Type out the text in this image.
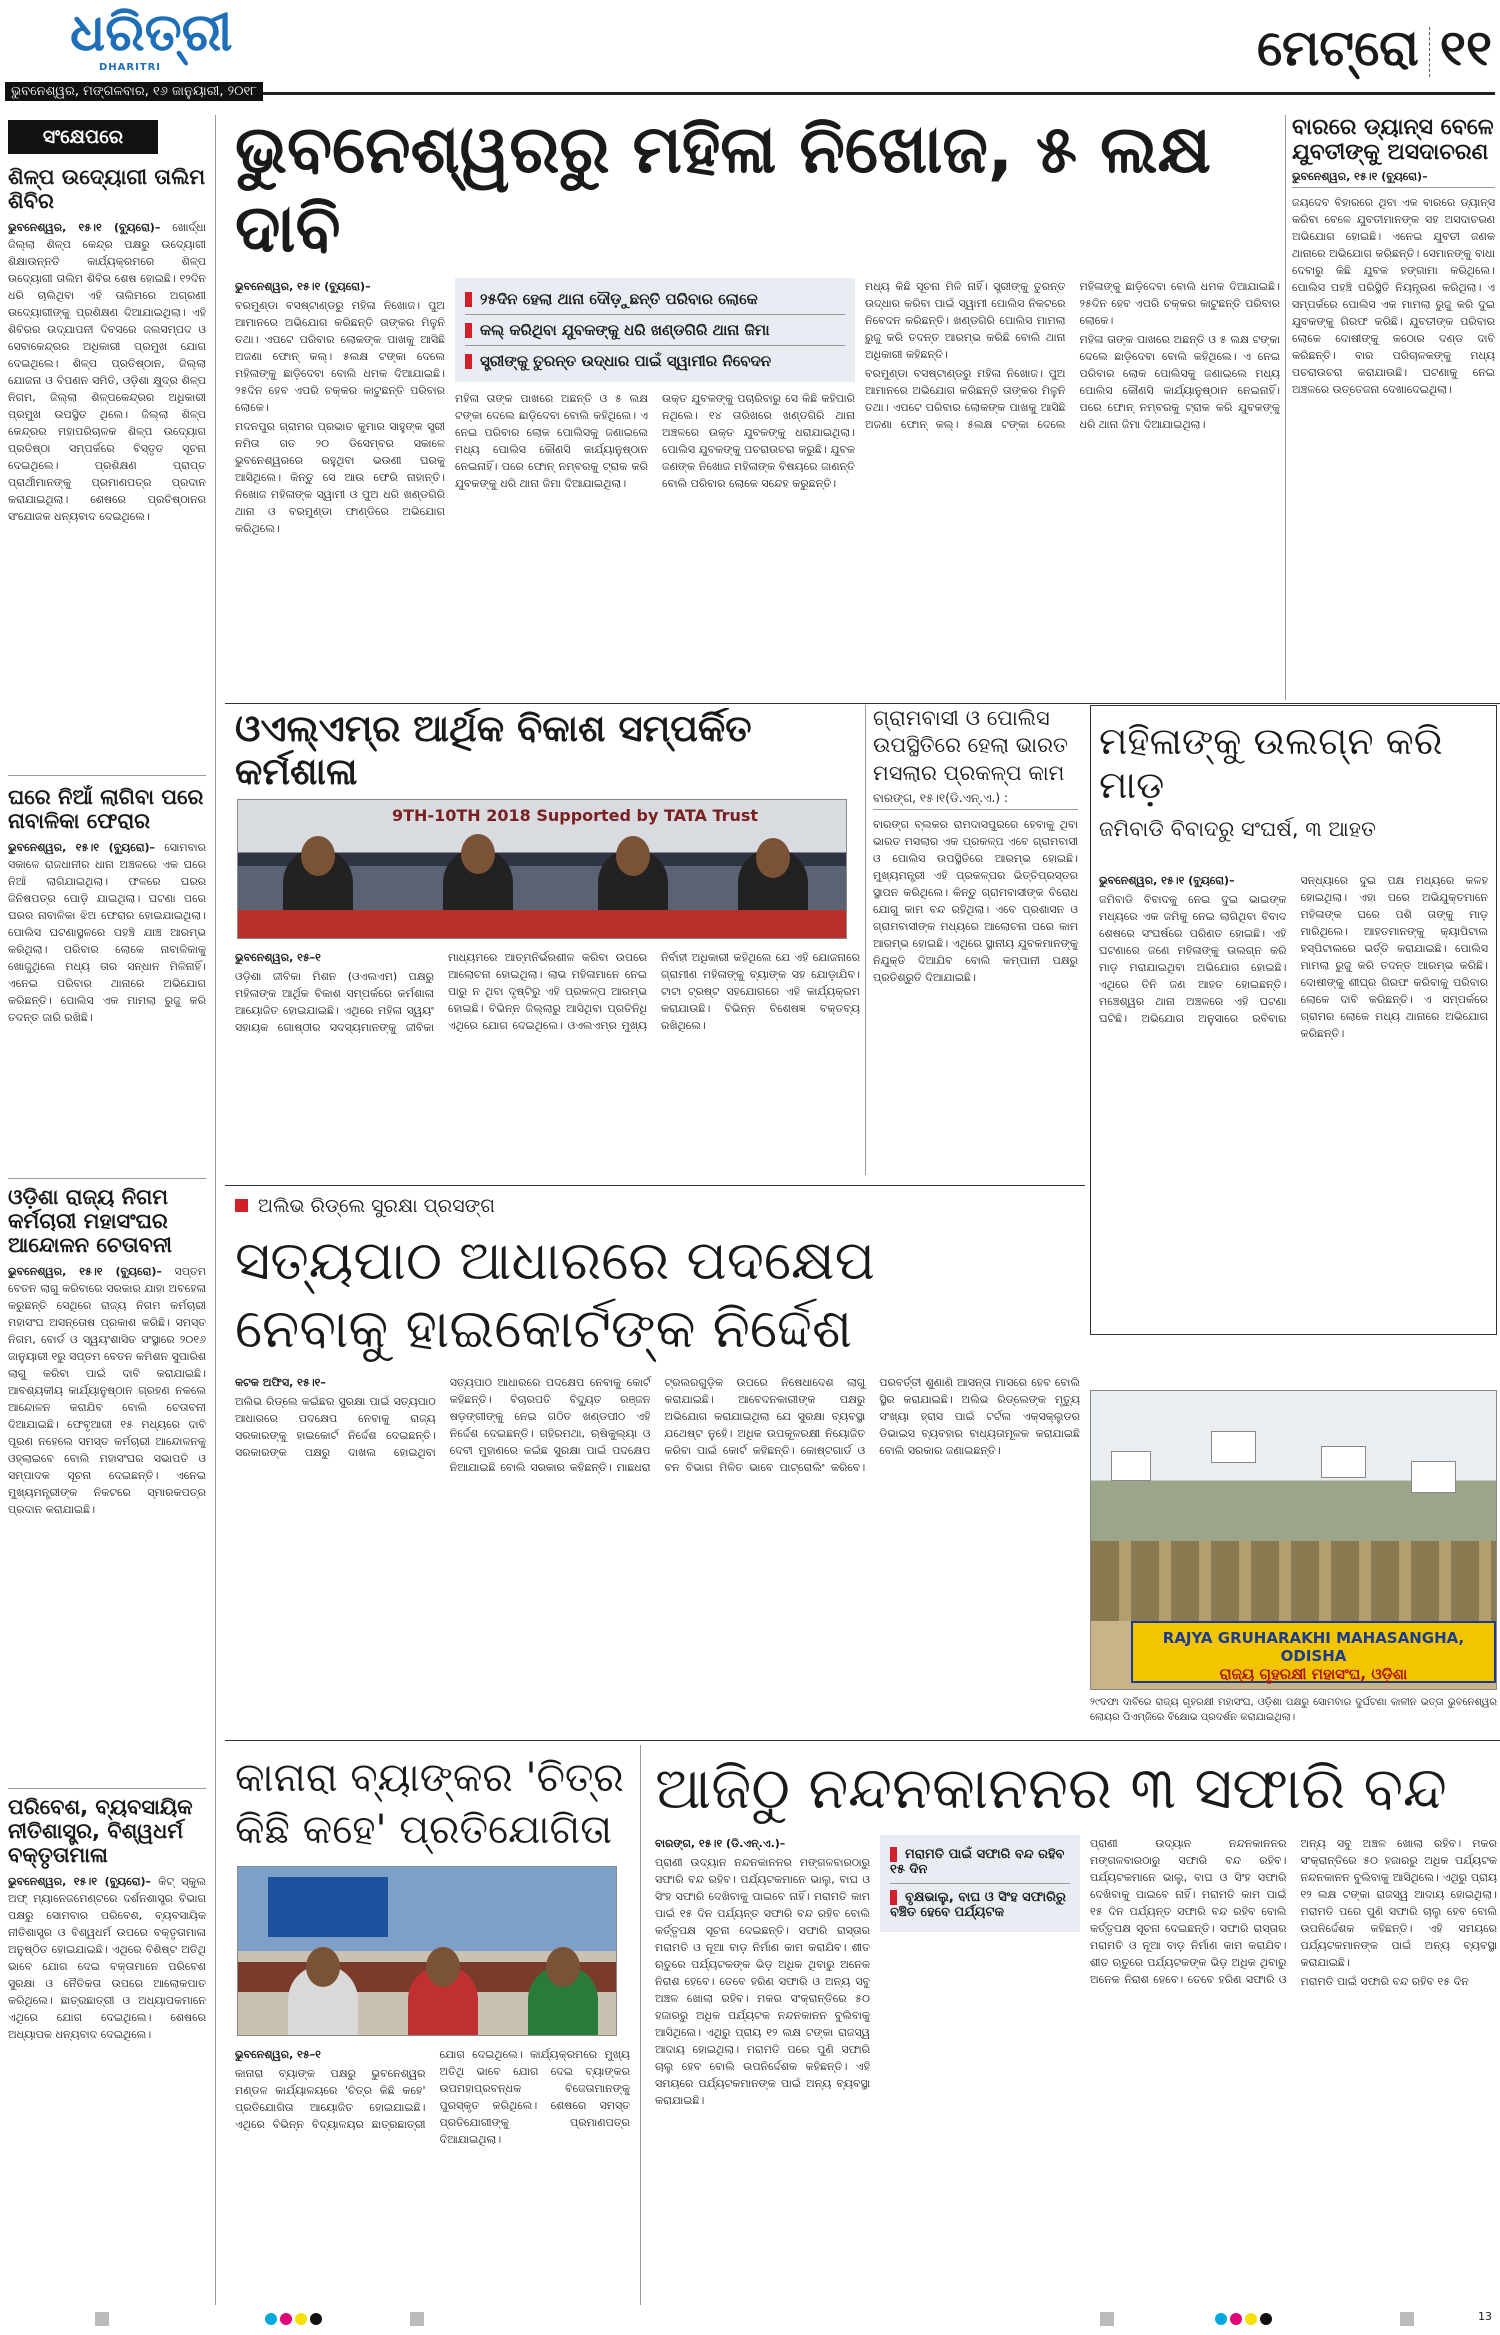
ଧରିତ୍ରୀ
DHARITRI
ଭୁବନେଶ୍ୱର, ମଙ୍ଗଳବାର, ୧୬ ଜାନୁୟାରୀ, ୨୦୧୮
ମେଟ୍ରୋ ୧୧
ସଂକ୍ଷେପରେ
ଶିଳ୍ପ ଉଦ୍ୟୋଗୀ ତାଲିମ ଶିବିର
ଭୁବନେଶ୍ୱର, ୧୫।୧ (ବ୍ୟୁରୋ)– ଖୋର୍ଦ୍ଧା ଜିଲ୍ଲା ଶିଳ୍ପ କେନ୍ଦ୍ର ପକ୍ଷରୁ ଉଦ୍ୟୋଗୀ ଶିକ୍ଷାଉନ୍ନତି କାର୍ଯ୍ୟକ୍ରମରେ ଶିଳ୍ପ ଉଦ୍ୟୋଗୀ ତାଲିମ ଶିବିର ଶେଷ ହୋଇଛି। ୧୨ଦିନ ଧରି ଚାଲିଥିବା ଏହି ତାଲିମରେ ଅଗ୍ରଣୀ ଉଦ୍ୟୋଗୀଙ୍କୁ ପ୍ରଶିକ୍ଷଣ ଦିଆଯାଇଥିଲା। ଏହି ଶିବିରର ଉଦ୍‌ଯାପନୀ ଦିବସରେ ଜଲସମ୍ପଦ ଓ ସେବାକେନ୍ଦ୍ରର ଅଧିକାରୀ ପ୍ରମୁଖ ଯୋଗ ଦେଇଥିଲେ। ଶିଳ୍ପ ପ୍ରତିଷ୍ଠାନ, ଜିଲ୍ଲା ଯୋଜନା ଓ ବିପଣନ ସମିତି, ଓଡ଼ିଶା କ୍ଷୁଦ୍ର ଶିଳ୍ପ ନିଗମ, ଜିଲ୍ଲା ଶିଳ୍ପକେନ୍ଦ୍ରର ଅଧିକାରୀ ପ୍ରମୁଖ ଉପସ୍ଥିତ ଥିଲେ। ଜିଲ୍ଲା ଶିଳ୍ପ କେନ୍ଦ୍ରର ମହାପରିଚାଳକ ଶିଳ୍ପ ଉଦ୍ୟୋଗ ପ୍ରତିଷ୍ଠା ସମ୍ପର୍କରେ ବିସ୍ତୃତ ସୂଚନା ଦେଇଥିଲେ। ପ୍ରଶିକ୍ଷଣ ପ୍ରାପ୍ତ ପ୍ରାର୍ଥୀମାନଙ୍କୁ ପ୍ରମାଣପତ୍ର ପ୍ରଦାନ କରାଯାଇଥିଲା। ଶେଷରେ ପ୍ରତିଷ୍ଠାନର ସଂଯୋଜକ ଧନ୍ୟବାଦ ଦେଇଥିଲେ।
ଘରେ ନିଆଁ ଲାଗିବା ପରେ ନାବାଳିକା ଫେରାର
ଭୁବନେଶ୍ୱର, ୧୫।୧ (ବ୍ୟୁରୋ)– ସୋମବାର ସକାଳେ ରାଜଧାନୀର ଧାନା ଅଞ୍ଚଳରେ ଏକ ଘରେ ନିଆଁ ଲାଗିଯାଇଥିଲା। ଫଳରେ ଘରର ଜିନିଷପତ୍ର ପୋଡ଼ି ଯାଇଥିଲା। ଘଟଣା ପରେ ଘରର ନାବାଳିକା ଝିଅ ଫେରାର ହୋଇଯାଇଥିଲା। ପୋଲିସ ଘଟଣାସ୍ଥଳରେ ପହଞ୍ଚି ଯାଞ୍ଚ ଆରମ୍ଭ କରିଥିଲା। ପରିବାର ଲୋକେ ନାବାଳିକାକୁ ଖୋଜୁଥିଲେ ମଧ୍ୟ ତାର ସନ୍ଧାନ ମିଳିନାହିଁ। ଏନେଇ ପରିବାର ଥାନାରେ ଅଭିଯୋଗ କରିଛନ୍ତି। ପୋଲିସ ଏକ ମାମଲା ରୁଜୁ କରି ତଦନ୍ତ ଜାରି ରଖିଛି।
ଓଡ଼ିଶା ରାଜ୍ୟ ନିଗମ କର୍ମଚାରୀ ମହାସଂଘର ଆନ୍ଦୋଳନ ଚେତାବନୀ
ଭୁବନେଶ୍ୱର, ୧୫।୧ (ବ୍ୟୁରୋ)– ସପ୍ତମ ବେତନ ଲାଗୁ କରିବାରେ ସରକାର ଯାହା ଅବହେଳା କରୁଛନ୍ତି ସେଥିରେ ରାଜ୍ୟ ନିଗମ କର୍ମଚାରୀ ମହାସଂଘ ଅସନ୍ତୋଷ ପ୍ରକାଶ କରିଛି। ସମସ୍ତ ନିଗମ, ବୋର୍ଡ ଓ ସ୍ୱୟଂଶାସିତ ସଂସ୍ଥାରେ ୨୦୧୬ ଜାନୁୟାରୀ ୧ରୁ ସପ୍ତମ ବେତନ କମିଶନ ସୁପାରିଶ ଲାଗୁ କରିବା ପାଇଁ ଦାବି କରାଯାଇଛି। ଆବଶ୍ୟକୀୟ କାର୍ଯ୍ୟାନୁଷ୍ଠାନ ଗ୍ରହଣ ନକଲେ ଆନ୍ଦୋଳନ କରାଯିବ ବୋଲି ଚେତାବନୀ ଦିଆଯାଇଛି। ଫେବୃଆରୀ ୧୫ ମଧ୍ୟରେ ଦାବି ପୂରଣ ନହେଲେ ସମସ୍ତ କର୍ମଚାରୀ ଆନ୍ଦୋଳନକୁ ଓହ୍ଲାଇବେ ବୋଲି ମହାସଂଘର ସଭାପତି ଓ ସମ୍ପାଦକ ସୂଚନା ଦେଇଛନ୍ତି। ଏନେଇ ମୁଖ୍ୟମନ୍ତ୍ରୀଙ୍କ ନିକଟରେ ସ୍ମାରକପତ୍ର ପ୍ରଦାନ କରାଯାଇଛି।
ପରିବେଶ, ବ୍ୟବସାୟିକ ନୀତିଶାସ୍ତ୍ର, ବିଶ୍ୱଧର୍ମ ବକ୍ତୃତାମାଳା
ଭୁବନେଶ୍ୱର, ୧୫।୧ (ବ୍ୟୁରୋ)– କିଟ୍ ସ୍କୁଲ ଅଫ୍ ମ୍ୟାନେଜମେଣ୍ଟରେ ଦର୍ଶନଶାସ୍ତ୍ର ବିଭାଗ ପକ୍ଷରୁ ସୋମବାର ପରିବେଶ, ବ୍ୟବସାୟିକ ନୀତିଶାସ୍ତ୍ର ଓ ବିଶ୍ୱଧର୍ମ ଉପରେ ବକ୍ତୃତାମାଳା ଅନୁଷ୍ଠିତ ହୋଇଯାଇଛି। ଏଥିରେ ବିଶିଷ୍ଟ ଅତିଥି ଭାବେ ଯୋଗ ଦେଇ ବକ୍ତାମାନେ ପରିବେଶ ସୁରକ୍ଷା ଓ ନୈତିକତା ଉପରେ ଆଲୋକପାତ କରିଥିଲେ। ଛାତ୍ରଛାତ୍ରୀ ଓ ଅଧ୍ୟାପକମାନେ ଏଥିରେ ଯୋଗ ଦେଇଥିଲେ। ଶେଷରେ ଅଧ୍ୟାପକ ଧନ୍ୟବାଦ ଦେଇଥିଲେ।
ଭୁବନେଶ୍ୱରରୁ ମହିଳା ନିଖୋଜ, ୫ ଲକ୍ଷ ଦାବି

ଭୁବନେଶ୍ୱର, ୧୫।୧ (ବ୍ୟୁରୋ)–

ବରମୁଣ୍ଡା ବସଷ୍ଟାଣ୍ଡରୁ ମହିଳା ନିଖୋଜ। ପୁଅ ଆମାନରେ ଅଭିଯୋଗ କରିଛନ୍ତି ତାଙ୍କର ମିଳୁନି ତଥା। ଏପଟେ ପରିବାର ଲୋକଙ୍କ ପାଖକୁ ଆସିଛି ଅଜଣା ଫୋନ୍ କଲ୍। ୫ଲକ୍ଷ ଟଙ୍କା ଦେଲେ ମହିଳାଙ୍କୁ ଛାଡ଼ିଦେବା ବୋଲି ଧମକ ଦିଆଯାଇଛି। ୨୫ଦିନ ହେବ ଏପରି ଚକ୍କର କାଟୁଛନ୍ତି ପରିବାର ଲୋକେ।

ମଦନପୁର ଗ୍ରାମର ପ୍ରଭାତ କୁମାର ସାହୁଙ୍କ ସ୍ତ୍ରୀ ନମିତା ଗତ ୨୦ ଡିସେମ୍ବର ସକାଳେ ଭୁବନେଶ୍ୱରରେ ରହୁଥିବା ଭଉଣୀ ଘରକୁ ଆସିଥିଲେ। କିନ୍ତୁ ସେ ଆଉ ଫେରି ନାହାନ୍ତି। ନିଖୋଜ ମହିଳାଙ୍କ ସ୍ୱାମୀ ଓ ପୁଅ ଧରି ଖଣ୍ଡଗିରି ଥାନା ଓ ବରମୁଣ୍ଡା ଫାଣ୍ଡିରେ ଅଭିଯୋଗ କରିଥିଲେ।

୨୫ଦିନ ହେଲା ଥାନା ଦୌଡ଼ୁଛନ୍ତି ପରିବାର ଲୋକେ
କଲ୍ କରିଥିବା ଯୁବକଙ୍କୁ ଧରି ଖଣ୍ଡଗିରି ଥାନା ଜିମା
ସ୍ତ୍ରୀଙ୍କୁ ତୁରନ୍ତ ଉଦ୍ଧାର ପାଇଁ ସ୍ୱାମୀର ନିବେଦନ

ମହିଳା ତାଙ୍କ ପାଖରେ ଅଛନ୍ତି ଓ ୫ ଲକ୍ଷ ଟଙ୍କା ଦେଲେ ଛାଡ଼ିଦେବା ବୋଲି କହିଥିଲେ। ଏ ନେଇ ପରିବାର ଲୋକ ପୋଲିସକୁ ଜଣାଇଲେ ମଧ୍ୟ ପୋଲିସ କୌଣସି କାର୍ଯ୍ୟାନୁଷ୍ଠାନ ନେଇନାହିଁ। ପରେ ଫୋନ୍ ନମ୍ବରକୁ ଟ୍ରାକ କରି ଯୁବକଙ୍କୁ ଧରି ଥାନା ଜିମା ଦିଆଯାଇଥିଲା।

ଉକ୍ତ ଯୁବକଙ୍କୁ ପଚାରିବାରୁ ସେ କିଛି କହିପାରି ନଥିଲେ। ୧୪ ତାରିଖରେ ଖଣ୍ଡଗିରି ଥାନା ଅଞ୍ଚଳରେ ଉକ୍ତ ଯୁବକଙ୍କୁ ଧରାଯାଇଥିଲା। ପୋଲିସ ଯୁବକଙ୍କୁ ପଚରାଉଚରା କରୁଛି। ଯୁବକ ଜଣଙ୍କ ନିଖୋଜ ମହିଳାଙ୍କ ବିଷୟରେ ଜାଣନ୍ତି ବୋଲି ପରିବାର ଲୋକେ ସନ୍ଦେହ କରୁଛନ୍ତି।

ମଧ୍ୟ କିଛି ସୂଚନା ମିଳି ନାହିଁ। ସ୍ତ୍ରୀଙ୍କୁ ତୁରନ୍ତ ଉଦ୍ଧାର କରିବା ପାଇଁ ସ୍ୱାମୀ ପୋଲିସ ନିକଟରେ ନିବେଦନ କରିଛନ୍ତି। ଖଣ୍ଡଗିରି ପୋଲିସ ମାମଲା ରୁଜୁ କରି ତଦନ୍ତ ଆରମ୍ଭ କରିଛି ବୋଲି ଥାନା ଅଧିକାରୀ କହିଛନ୍ତି।

ବରମୁଣ୍ଡା ବସଷ୍ଟାଣ୍ଡରୁ ମହିଳା ନିଖୋଜ। ପୁଅ ଆମାନରେ ଅଭିଯୋଗ କରିଛନ୍ତି ତାଙ୍କର ମିଳୁନି ତଥା। ଏପଟେ ପରିବାର ଲୋକଙ୍କ ପାଖକୁ ଆସିଛି ଅଜଣା ଫୋନ୍ କଲ୍। ୫ଲକ୍ଷ ଟଙ୍କା ଦେଲେ ମହିଳାଙ୍କୁ ଛାଡ଼ିଦେବା ବୋଲି ଧମକ ଦିଆଯାଇଛି। ୨୫ଦିନ ହେବ ଏପରି ଚକ୍କର କାଟୁଛନ୍ତି ପରିବାର ଲୋକେ।

ମହିଳା ତାଙ୍କ ପାଖରେ ଅଛନ୍ତି ଓ ୫ ଲକ୍ଷ ଟଙ୍କା ଦେଲେ ଛାଡ଼ିଦେବା ବୋଲି କହିଥିଲେ। ଏ ନେଇ ପରିବାର ଲୋକ ପୋଲିସକୁ ଜଣାଇଲେ ମଧ୍ୟ ପୋଲିସ କୌଣସି କାର୍ଯ୍ୟାନୁଷ୍ଠାନ ନେଇନାହିଁ। ପରେ ଫୋନ୍ ନମ୍ବରକୁ ଟ୍ରାକ କରି ଯୁବକଙ୍କୁ ଧରି ଥାନା ଜିମା ଦିଆଯାଇଥିଲା।

ବାରରେ ଡ୍ୟାନ୍ସ ବେଳେ ଯୁବତୀଙ୍କୁ ଅସଦାଚରଣ
ଭୁବନେଶ୍ୱର, ୧୫।୧ (ବ୍ୟୁରୋ)–
ଜୟଦେବ ବିହାରରେ ଥିବା ଏକ ବାରରେ ଡ୍ୟାନ୍ସ କରିବା ବେଳେ ଯୁବତୀମାନଙ୍କ ସହ ଅସଦାଚରଣ ଅଭିଯୋଗ ହୋଇଛି। ଏନେଇ ଯୁବତୀ ଜଣକ ଥାନାରେ ଅଭିଯୋଗ କରିଛନ୍ତି। ସେମାନଙ୍କୁ ବାଧା ଦେବାରୁ କିଛି ଯୁବକ ହଙ୍ଗାମା କରିଥିଲେ। ପୋଲିସ ପହଞ୍ଚି ପରିସ୍ଥିତି ନିୟନ୍ତ୍ରଣ କରିଥିଲା। ଏ ସମ୍ପର୍କରେ ପୋଲିସ ଏକ ମାମଲା ରୁଜୁ କରି ଦୁଇ ଯୁବକଙ୍କୁ ଗିରଫ କରିଛି। ଯୁବତୀଙ୍କ ପରିବାର ଲୋକେ ଦୋଷୀଙ୍କୁ କଠୋର ଦଣ୍ଡ ଦାବି କରିଛନ୍ତି। ବାର ପରିଚାଳକଙ୍କୁ ମଧ୍ୟ ପଚରାଉଚରା କରାଯାଉଛି। ଘଟଣାକୁ ନେଇ ଅଞ୍ଚଳରେ ଉତ୍ତେଜନା ଦେଖାଦେଇଥିଲା।
ଓଏଲ୍ଏମ୍‌ର ଆର୍ଥିକ ବିକାଶ ସମ୍ପର୍କିତ କର୍ମଶାଳା
9TH-10TH 2018 Supported by TATA Trust

ଭୁବନେଶ୍ୱର, ୧୫–୧

ଓଡ଼ିଶା ଜୀବିକା ମିଶନ (ଓଏଲଏମ) ପକ୍ଷରୁ ମହିଳାଙ୍କ ଆର୍ଥିକ ବିକାଶ ସମ୍ପର୍କରେ କର୍ମଶାଳା ଆୟୋଜିତ ହୋଇଯାଇଛି। ଏଥିରେ ମହିଳା ସ୍ୱୟଂ ସହାୟକ ଗୋଷ୍ଠୀର ସଦସ୍ୟମାନଙ୍କୁ ଜୀବିକା ମାଧ୍ୟମରେ ଆତ୍ମନିର୍ଭରଶୀଳ କରିବା ଉପରେ ଆଲୋଚନା ହୋଇଥିଲା। ଲାଭ ମହିଳାମାନେ ନେଇ ପାରୁ ନ ଥିବା ଦୃଷ୍ଟିରୁ ଏହି ପ୍ରକଳ୍ପ ଆରମ୍ଭ ହୋଇଛି। ବିଭିନ୍ନ ଜିଲ୍ଲାରୁ ଆସିଥିବା ପ୍ରତିନିଧି ଏଥିରେ ଯୋଗ ଦେଇଥିଲେ। ଓଏଲଏମ୍‌ର ମୁଖ୍ୟ ନିର୍ବାହୀ ଅଧିକାରୀ କହିଥିଲେ ଯେ ଏହି ଯୋଜନାରେ ଗ୍ରାମୀଣ ମହିଳାଙ୍କୁ ବ୍ୟାଙ୍କ ସହ ଯୋଡ଼ାଯିବ। ଟାଟା ଟ୍ରଷ୍ଟ ସହଯୋଗରେ ଏହି କାର୍ଯ୍ୟକ୍ରମ କରାଯାଉଛି। ବିଭିନ୍ନ ବିଶେଷଜ୍ଞ ବକ୍ତବ୍ୟ ରଖିଥିଲେ।

ଗ୍ରାମବାସୀ ଓ ପୋଲିସ ଉପସ୍ଥିତିରେ ହେଲା ଭାରତ ମସଲାର ପ୍ରକଳ୍ପ କାମ
ବାରଙ୍ଗ, ୧୫।୧(ଡି.ଏନ୍.ଏ.) :
ବାରଙ୍ଗ ବ୍ଲକର ରାମଦାସପୁରରେ ହେବାକୁ ଥିବା ଭାରତ ମସଲାର ଏକ ପ୍ରକଳ୍ପ ଏବେ ଗ୍ରାମବାସୀ ଓ ପୋଲିସ ଉପସ୍ଥିତିରେ ଆରମ୍ଭ ହୋଇଛି। ମୁଖ୍ୟମନ୍ତ୍ରୀ ଏହି ପ୍ରକଳ୍ପର ଭିତ୍ତିପ୍ରସ୍ତର ସ୍ଥାପନ କରିଥିଲେ। କିନ୍ତୁ ଗ୍ରାମବାସୀଙ୍କ ବିରୋଧ ଯୋଗୁ କାମ ବନ୍ଦ ରହିଥିଲା। ଏବେ ପ୍ରଶାସନ ଓ ଗ୍ରାମବାସୀଙ୍କ ମଧ୍ୟରେ ଆଲୋଚନା ପରେ କାମ ଆରମ୍ଭ ହୋଇଛି। ଏଥିରେ ସ୍ଥାନୀୟ ଯୁବକମାନଙ୍କୁ ନିଯୁକ୍ତି ଦିଆଯିବ ବୋଲି କମ୍ପାନୀ ପକ୍ଷରୁ ପ୍ରତିଶ୍ରୁତି ଦିଆଯାଇଛି।
ମହିଳାଙ୍କୁ ଉଲଗ୍ନ କରି ମାଡ଼
ଜମିବାଡି ବିବାଦରୁ ସଂଘର୍ଷ, ୩ ଆହତ

ଭୁବନେଶ୍ୱର, ୧୫।୧ (ବ୍ୟୁରୋ)–

ଜମିବାଡି ବିବାଦକୁ ନେଇ ଦୁଇ ଭାଇଙ୍କ ମଧ୍ୟରେ ଏକ ଜମିକୁ ନେଇ ଲାଗିଥିବା ବିବାଦ ଶେଷରେ ସଂଘର୍ଷରେ ପରିଣତ ହୋଇଛି। ଏହି ଘଟଣାରେ ଜଣେ ମହିଳାଙ୍କୁ ଉଲଗ୍ନ କରି ମାଡ଼ ମରାଯାଇଥିବା ଅଭିଯୋଗ ହୋଇଛି। ଏଥିରେ ତିନି ଜଣ ଆହତ ହୋଇଛନ୍ତି। ମଞ୍ଚେଶ୍ୱର ଥାନା ଅଞ୍ଚଳରେ ଏହି ଘଟଣା ଘଟିଛି। ଅଭିଯୋଗ ଅନୁସାରେ ରବିବାର ସନ୍ଧ୍ୟାରେ ଦୁଇ ପକ୍ଷ ମଧ୍ୟରେ କଳହ ହୋଇଥିଲା। ଏହା ପରେ ଅଭିଯୁକ୍ତମାନେ ମହିଳାଙ୍କ ଘରେ ପଶି ତାଙ୍କୁ ମାଡ଼ ମାରିଥିଲେ। ଆହତମାନଙ୍କୁ କ୍ୟାପିଟାଲ ହସ୍ପିଟାଲରେ ଭର୍ତ୍ତି କରାଯାଇଛି। ପୋଲିସ ମାମଲା ରୁଜୁ କରି ତଦନ୍ତ ଆରମ୍ଭ କରିଛି। ଦୋଷୀଙ୍କୁ ଶୀଘ୍ର ଗିରଫ କରିବାକୁ ପରିବାର ଲୋକେ ଦାବି କରିଛନ୍ତି। ଏ ସମ୍ପର୍କରେ ଗ୍ରାମର ଲୋକେ ମଧ୍ୟ ଥାନାରେ ଅଭିଯୋଗ କରିଛନ୍ତି।

ଅଲିଭ ରିଡ୍‌ଲେ ସୁରକ୍ଷା ପ୍ରସଙ୍ଗ
ସତ୍ୟପାଠ ଆଧାରରେ ପଦକ୍ଷେପ
ନେବାକୁ ହାଇକୋର୍ଟଙ୍କ ନିର୍ଦ୍ଦେଶ

କଟକ ଅଫିସ, ୧୫।୧–

ଅଲିଭ ରିଡ୍‌ଲେ କଇଁଛର ସୁରକ୍ଷା ପାଇଁ ସତ୍ୟପାଠ ଆଧାରରେ ପଦକ୍ଷେପ ନେବାକୁ ରାଜ୍ୟ ସରକାରଙ୍କୁ ହାଇକୋର୍ଟ ନିର୍ଦ୍ଦେଶ ଦେଇଛନ୍ତି। ସରକାରଙ୍କ ପକ୍ଷରୁ ଦାଖଲ ହୋଇଥିବା ସତ୍ୟପାଠ ଆଧାରରେ ପଦକ୍ଷେପ ନେବାକୁ କୋର୍ଟ କହିଛନ୍ତି। ବିଚାରପତି ବିଦ୍ୟୁତ ରଞ୍ଜନ ଷଡ଼ଙ୍ଗୀଙ୍କୁ ନେଇ ଗଠିତ ଖଣ୍ଡପୀଠ ଏହି ନିର୍ଦ୍ଦେଶ ଦେଇଛନ୍ତି। ଗହିରମଥା, ଋଷିକୁଲ୍ୟା ଓ ଦେବୀ ମୁହାଣରେ କଇଁଛ ସୁରକ୍ଷା ପାଇଁ ପଦକ୍ଷେପ ନିଆଯାଇଛି ବୋଲି ସରକାର କହିଛନ୍ତି। ମାଛଧରା ଟ୍ରଲରଗୁଡ଼ିକ ଉପରେ ନିଷେଧାଦେଶ ଲାଗୁ କରାଯାଇଛି। ଆବେଦନକାରୀଙ୍କ ପକ୍ଷରୁ ଅଭିଯୋଗ କରାଯାଇଥିଲା ଯେ ସୁରକ୍ଷା ବ୍ୟବସ୍ଥା ଯଥେଷ୍ଟ ନୁହେଁ। ଅଧିକ ଉପକୂଳରକ୍ଷୀ ନିୟୋଜିତ କରିବା ପାଇଁ କୋର୍ଟ କହିଛନ୍ତି। କୋଷ୍ଟଗାର୍ଡ ଓ ବନ ବିଭାଗ ମିଳିତ ଭାବେ ପାଟ୍ରୋଲିଂ କରିବେ। ପରବର୍ତ୍ତୀ ଶୁଣାଣି ଆସନ୍ତା ମାସରେ ହେବ ବୋଲି ସ୍ଥିର କରାଯାଇଛି। ଅଲିଭ ରିଡ୍‌ଲେଙ୍କ ମୃତ୍ୟୁ ସଂଖ୍ୟା ହ୍ରାସ ପାଇଁ ଟର୍ଟଲ ଏକ୍ସକ୍ଲୁଡର ଡିଭାଇସ ବ୍ୟବହାର ବାଧ୍ୟତାମୂଳକ କରାଯାଇଛି ବୋଲି ସରକାର ଜଣାଇଛନ୍ତି।

RAJYA GRUHARAKHI MAHASANGHA, ODISHA
ରାଜ୍ୟ ଗୃହରକ୍ଷୀ ମହାସଂଘ, ଓଡ଼ିଶା
୨୯ଦଫା ଦାବିରେ ରାଜ୍ୟ ଗୃହରକ୍ଷୀ ମହାସଂଘ, ଓଡ଼ିଶା ପକ୍ଷରୁ ସୋମବାର ଦୁର୍ଘଟଣା କାଳୀନ ଭତ୍ତା ଭୁବନେଶ୍ୱର ଲୋୟର ପିଏମ୍‌ଜିରେ ବିକ୍ଷୋଭ ପ୍ରଦର୍ଶନ କରାଯାଇଥିଲା।
କାନାରା ବ୍ୟାଙ୍କର 'ଚିତ୍ର କିଛି କହେ' ପ୍ରତିଯୋଗିତା

ଭୁବନେଶ୍ୱର, ୧୫–୧

କାନାରା ବ୍ୟାଙ୍କ ପକ୍ଷରୁ ଭୁବନେଶ୍ୱର ମଣ୍ଡଳ କାର୍ଯ୍ୟାଳୟରେ 'ଚିତ୍ର କିଛି କହେ' ପ୍ରତିଯୋଗିତା ଆୟୋଜିତ ହୋଇଯାଇଛି। ଏଥିରେ ବିଭିନ୍ନ ବିଦ୍ୟାଳୟର ଛାତ୍ରଛାତ୍ରୀ ଯୋଗ ଦେଇଥିଲେ। କାର୍ଯ୍ୟକ୍ରମରେ ମୁଖ୍ୟ ଅତିଥି ଭାବେ ଯୋଗ ଦେଇ ବ୍ୟାଙ୍କର ଉପମହାପ୍ରବନ୍ଧକ ବିଜେତାମାନଙ୍କୁ ପୁରସ୍କୃତ କରିଥିଲେ। ଶେଷରେ ସମସ୍ତ ପ୍ରତିଯୋଗୀଙ୍କୁ ପ୍ରମାଣପତ୍ର ଦିଆଯାଇଥିଲା।

ଆଜିଠୁ ନନ୍ଦନକାନନର ୩ ସଫାରି ବନ୍ଦ

ବାରଙ୍ଗ, ୧୫।୧ (ଡି.ଏନ୍.ଏ.)–

ପ୍ରାଣୀ ଉଦ୍ୟାନ ନନ୍ଦନକାନନର ମଙ୍ଗଳବାରଠାରୁ ସଫାରି ବନ୍ଦ ରହିବ। ପର୍ଯ୍ୟଟକମାନେ ଭାଲୁ, ବାଘ ଓ ସିଂହ ସଫାରି ଦେଖିବାକୁ ପାଇବେ ନାହିଁ। ମରାମତି କାମ ପାଇଁ ୧୫ ଦିନ ପର୍ଯ୍ୟନ୍ତ ସଫାରି ବନ୍ଦ ରହିବ ବୋଲି କର୍ତ୍ତୃପକ୍ଷ ସୂଚନା ଦେଇଛନ୍ତି। ସଫାରି ରାସ୍ତାର ମରାମତି ଓ ନୂଆ ବାଡ଼ ନିର୍ମାଣ କାମ କରାଯିବ। ଶୀତ ଋତୁରେ ପର୍ଯ୍ୟଟକଙ୍କ ଭିଡ଼ ଅଧିକ ଥିବାରୁ ଅନେକ ନିରାଶ ହେବେ। ତେବେ ହରିଣ ସଫାରି ଓ ଅନ୍ୟ ସବୁ ଅଞ୍ଚଳ ଖୋଲା ରହିବ। ମକର ସଂକ୍ରାନ୍ତିରେ ୫୦ ହଜାରରୁ ଅଧିକ ପର୍ଯ୍ୟଟକ ନନ୍ଦନକାନନ ବୁଲିବାକୁ ଆସିଥିଲେ। ଏଥିରୁ ପ୍ରାୟ ୧୨ ଲକ୍ଷ ଟଙ୍କା ରାଜସ୍ୱ ଆଦାୟ ହୋଇଥିଲା। ମରାମତି ପରେ ପୁଣି ସଫାରି ଚାଲୁ ହେବ ବୋଲି ଉପନିର୍ଦ୍ଦେଶକ କହିଛନ୍ତି। ଏହି ସମୟରେ ପର୍ଯ୍ୟଟକମାନଙ୍କ ପାଇଁ ଅନ୍ୟ ବ୍ୟବସ୍ଥା କରାଯାଇଛି।

ମରାମତି ପାଇଁ ସଫାରି ବନ୍ଦ ରହିବ ୧୫ ଦିନ
ବୃକ୍ଷଭାଲୁ, ବାଘ ଓ ସିଂହ ସଫାରିରୁ ବଞ୍ଚିତ ହେବେ ପର୍ଯ୍ୟଟକ

ପ୍ରାଣୀ ଉଦ୍ୟାନ ନନ୍ଦନକାନନର ମଙ୍ଗଳବାରଠାରୁ ସଫାରି ବନ୍ଦ ରହିବ। ପର୍ଯ୍ୟଟକମାନେ ଭାଲୁ, ବାଘ ଓ ସିଂହ ସଫାରି ଦେଖିବାକୁ ପାଇବେ ନାହିଁ। ମରାମତି କାମ ପାଇଁ ୧୫ ଦିନ ପର୍ଯ୍ୟନ୍ତ ସଫାରି ବନ୍ଦ ରହିବ ବୋଲି କର୍ତ୍ତୃପକ୍ଷ ସୂଚନା ଦେଇଛନ୍ତି। ସଫାରି ରାସ୍ତାର ମରାମତି ଓ ନୂଆ ବାଡ଼ ନିର୍ମାଣ କାମ କରାଯିବ। ଶୀତ ଋତୁରେ ପର୍ଯ୍ୟଟକଙ୍କ ଭିଡ଼ ଅଧିକ ଥିବାରୁ ଅନେକ ନିରାଶ ହେବେ। ତେବେ ହରିଣ ସଫାରି ଓ ଅନ୍ୟ ସବୁ ଅଞ୍ଚଳ ଖୋଲା ରହିବ। ମକର ସଂକ୍ରାନ୍ତିରେ ୫୦ ହଜାରରୁ ଅଧିକ ପର୍ଯ୍ୟଟକ ନନ୍ଦନକାନନ ବୁଲିବାକୁ ଆସିଥିଲେ। ଏଥିରୁ ପ୍ରାୟ ୧୨ ଲକ୍ଷ ଟଙ୍କା ରାଜସ୍ୱ ଆଦାୟ ହୋଇଥିଲା। ମରାମତି ପରେ ପୁଣି ସଫାରି ଚାଲୁ ହେବ ବୋଲି ଉପନିର୍ଦ୍ଦେଶକ କହିଛନ୍ତି। ଏହି ସମୟରେ ପର୍ଯ୍ୟଟକମାନଙ୍କ ପାଇଁ ଅନ୍ୟ ବ୍ୟବସ୍ଥା କରାଯାଇଛି।

ମରାମତି ପାଇଁ ସଫାରି ବନ୍ଦ ରହିବ ୧୫ ଦିନ

13
